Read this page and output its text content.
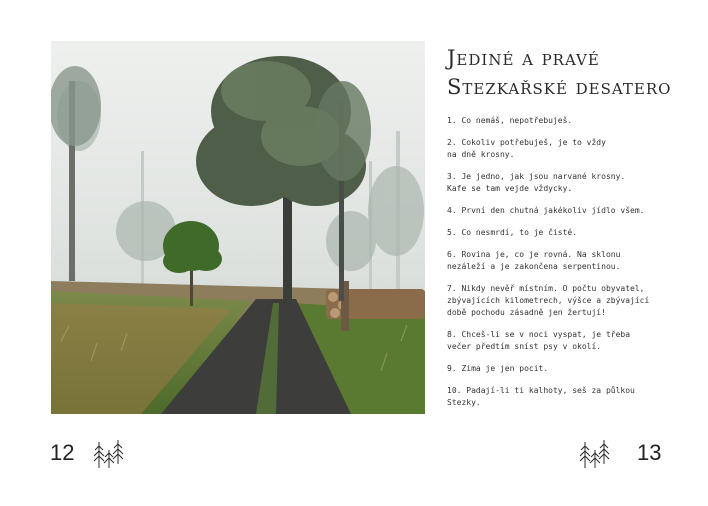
Jediné a pravé
Stezkařské desatero
1. Co nemáš, nepotřebuješ.
2. Cokoliv potřebuješ, je to vždy
na dně krosny.
3. Je jedno, jak jsou narvané krosny.
Kafe se tam vejde vždycky.
4. První den chutná jakékoliv jídlo všem.
5. Co nesmrdí, to je čisté.
6. Rovina je, co je rovná. Na sklonu
nezáleží a je zakončena serpentinou.
7. Nikdy nevěř místním. O počtu obyvatel,
zbývajících kilometrech, výšce a zbývající
době pochodu zásadně jen žertují!
8. Chceš-li se v noci vyspat, je třeba
večer předtím sníst psy v okolí.
9. Zima je jen pocit.
10. Padají-li ti kalhoty, seš za půlkou
Stezky.
12	13
